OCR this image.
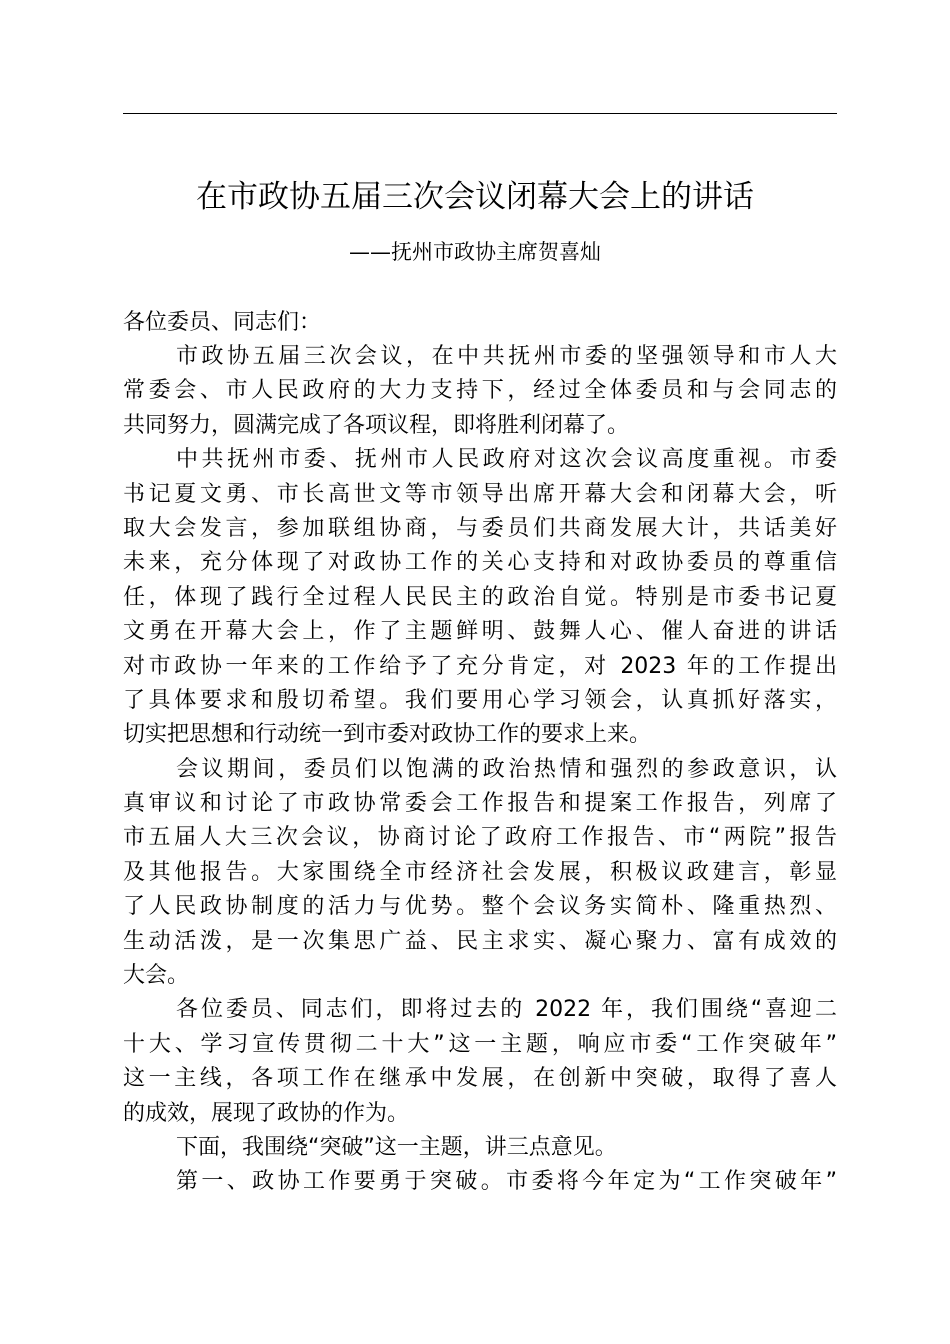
在市政协五届三次会议闭幕大会上的讲话
——抚州市政协主席贺喜灿
各位委员、同志们：
市政协五届三次会议，在中共抚州市委的坚强领导和市人大
常委会、市人民政府的大力支持下，经过全体委员和与会同志的
共同努力，圆满完成了各项议程，即将胜利闭幕了。
中共抚州市委、抚州市人民政府对这次会议高度重视。市委
书记夏文勇、市长高世文等市领导出席开幕大会和闭幕大会，听
取大会发言，参加联组协商，与委员们共商发展大计，共话美好
未来，充分体现了对政协工作的关心支持和对政协委员的尊重信
任，体现了践行全过程人民民主的政治自觉。特别是市委书记夏
文勇在开幕大会上，作了主题鲜明、鼓舞人心、催人奋进的讲话
对市政协一年来的工作给予了充分肯定，对 2023 年的工作提出
了具体要求和殷切希望。我们要用心学习领会，认真抓好落实，
切实把思想和行动统一到市委对政协工作的要求上来。
会议期间，委员们以饱满的政治热情和强烈的参政意识，认
真审议和讨论了市政协常委会工作报告和提案工作报告，列席了
市五届人大三次会议，协商讨论了政府工作报告、市“两院”报告
及其他报告。大家围绕全市经济社会发展，积极议政建言，彰显
了人民政协制度的活力与优势。整个会议务实简朴、隆重热烈、
生动活泼，是一次集思广益、民主求实、凝心聚力、富有成效的
大会。
各位委员、同志们，即将过去的 2022 年，我们围绕“喜迎二
十大、学习宣传贯彻二十大”这一主题，响应市委“工作突破年”
这一主线，各项工作在继承中发展，在创新中突破，取得了喜人
的成效，展现了政协的作为。
下面，我围绕“突破”这一主题，讲三点意见。
第一、政协工作要勇于突破。市委将今年定为“工作突破年”
